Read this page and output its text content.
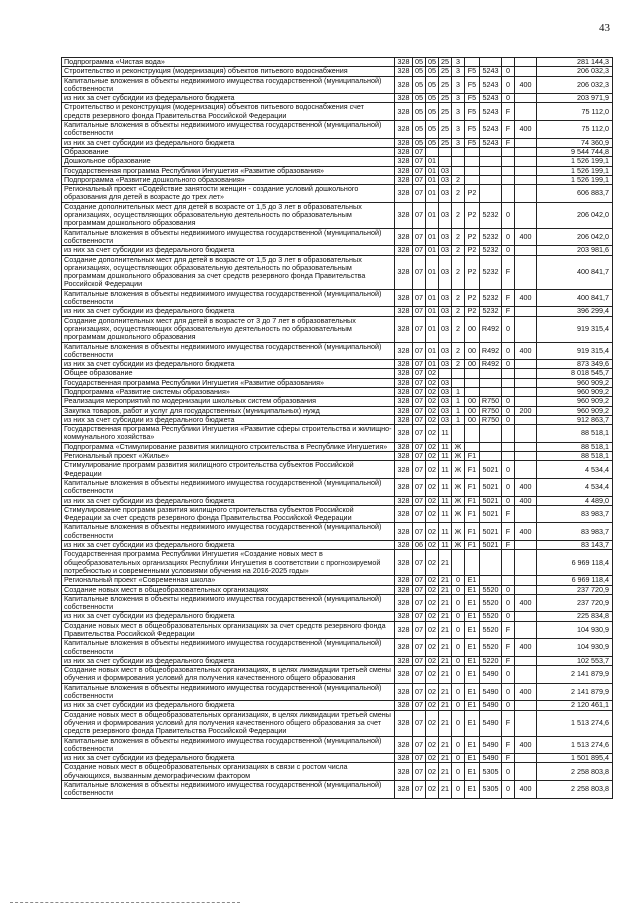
43
Подпрограмма «Чистая вода»	328	05	05	25	3					281 144,3
Строительство и реконструкция (модернизация) объектов питьевого водоснабжения	328	05	05	25	3	F5	5243	0		206 032,3
Капитальные вложения в объекты недвижимого имущества государственной (муниципальной) собственности	328	05	05	25	3	F5	5243	0	400	206 032,3
из них за счет субсидии из федерального бюджета	328	05	05	25	3	F5	5243	0		203 971,9
Строительство и реконструкция (модернизация) объектов питьевого водоснабжения счет средств резервного фонда Правительства Российской Федерации	328	05	05	25	3	F5	5243	F		75 112,0
Капитальные вложения в объекты недвижимого имущества государственной (муниципальной) собственности	328	05	05	25	3	F5	5243	F	400	75 112,0
из них за счет субсидии из федерального бюджета	328	05	05	25	3	F5	5243	F		74 360,9
Образование	328	07								9 544 744,8
Дошкольное образование	328	07	01							1 526 199,1
Государственная программа Республики Ингушетия «Развитие образования»	328	07	01	03						1 526 199,1
Подпрограмма «Развитие дошкольного образования»	328	07	01	03	2					1 526 199,1
Региональный проект «Содействие занятости женщин - создание условий дошкольного образования для детей в возрасте до трех лет»	328	07	01	03	2	P2				606 883,7
Создание дополнительных мест для детей в возрасте от 1,5 до 3 лет в образовательных организациях, осуществляющих образовательную деятельность по образовательным программам дошкольного образования	328	07	01	03	2	P2	5232	0		206 042,0
Капитальные вложения в объекты недвижимого имущества государственной (муниципальной) собственности	328	07	01	03	2	P2	5232	0	400	206 042,0
из них за счет субсидии из федерального бюджета	328	07	01	03	2	P2	5232	0		203 981,6
Создание дополнительных мест для детей в возрасте от 1,5 до 3 лет в образовательных организациях, осуществляющих образовательную деятельность по образовательным программам дошкольного образования за счет средств резервного фонда Правительства Российской Федерации	328	07	01	03	2	P2	5232	F		400 841,7
Капитальные вложения в объекты недвижимого имущества государственной (муниципальной) собственности	328	07	01	03	2	P2	5232	F	400	400 841,7
из них за счет субсидии из федерального бюджета	328	07	01	03	2	P2	5232	F		396 299,4
Создание дополнительных мест для детей в возрасте от 3 до 7 лет в образовательных организациях, осуществляющих образовательную деятельность по образовательным программам дошкольного образования	328	07	01	03	2	00	R492	0		919 315,4
Капитальные вложения в объекты недвижимого имущества государственной (муниципальной) собственности	328	07	01	03	2	00	R492	0	400	919 315,4
из них за счет субсидии из федерального бюджета	328	07	01	03	2	00	R492	0		873 349,6
Общее образование	328	07	02							8 018 545,7
Государственная программа Республики Ингушетия «Развитие образования»	328	07	02	03						960 909,2
Подпрограмма «Развитие системы образования»	328	07	02	03	1					960 909,2
Реализация мероприятий по модернизации школьных систем образования	328	07	02	03	1	00	R750	0		960 909,2
Закупка товаров, работ и услуг для государственных (муниципальных) нужд	328	07	02	03	1	00	R750	0	200	960 909,2
из них за счет субсидии из федерального бюджета	328	07	02	03	1	00	R750	0		912 863,7
Государственная программа Республики Ингушетия «Развитие сферы строительства и жилищно-коммунального хозяйства»	328	07	02	11						88 518,1
Подпрограмма «Стимулирование развития жилищного строительства в Республике Ингушетия»	328	07	02	11	Ж					88 518,1
Региональный проект «Жилье»	328	07	02	11	Ж	F1				88 518,1
Стимулирование программ развития жилищного строительства субъектов Российской Федерации	328	07	02	11	Ж	F1	5021	0		4 534,4
Капитальные вложения в объекты недвижимого имущества государственной (муниципальной) собственности	328	07	02	11	Ж	F1	5021	0	400	4 534,4
из них за счет субсидии из федерального бюджета	328	07	02	11	Ж	F1	5021	0	400	4 489,0
Стимулирование программ развития жилищного строительства субъектов Российской Федерации за счет средств резервного фонда Правительства Российской Федерации	328	07	02	11	Ж	F1	5021	F		83 983,7
Капитальные вложения в объекты недвижимого имущества государственной (муниципальной) собственности	328	07	02	11	Ж	F1	5021	F	400	83 983,7
из них за счет субсидии из федерального бюджета	328	06	02	11	Ж	F1	5021	F		83 143,7
Государственная программа Республики Ингушетия «Создание новых мест в общеобразовательных организациях Республики Ингушетия в соответствии с прогнозируемой потребностью и современными условиями обучения на 2016-2025 годы»	328	07	02	21						6 969 118,4
Региональный проект «Современная школа»	328	07	02	21	0	E1				6 969 118,4
Создание новых мест в общеобразовательных организациях	328	07	02	21	0	E1	5520	0		237 720,9
Капитальные вложения в объекты недвижимого имущества государственной (муниципальной) собственности	328	07	02	21	0	E1	5520	0	400	237 720,9
из них за счет субсидии из федерального бюджета	328	07	02	21	0	E1	5520	0		225 834,8
Создание новых мест в общеобразовательных организациях за счет средств резервного фонда Правительства Российской Федерации	328	07	02	21	0	E1	5520	F		104 930,9
Капитальные вложения в объекты недвижимого имущества государственной (муниципальной) собственности	328	07	02	21	0	E1	5520	F	400	104 930,9
из них за счет субсидии из федерального бюджета	328	07	02	21	0	E1	5220	F		102 553,7
Создание новых мест в общеобразовательных организациях, в целях ликвидации третьей смены обучения и формирования условий для получения качественного общего образования	328	07	02	21	0	E1	5490	0		2 141 879,9
Капитальные вложения в объекты недвижимого имущества государственной (муниципальной) собственности	328	07	02	21	0	E1	5490	0	400	2 141 879,9
из них за счет субсидии из федерального бюджета	328	07	02	21	0	E1	5490	0		2 120 461,1
Создание новых мест в общеобразовательных организациях, в целях ликвидации третьей смены обучения и формирования условий для получения качественного общего образования за счет средств резервного фонда Правительства Российской Федерации	328	07	02	21	0	E1	5490	F		1 513 274,6
Капитальные вложения в объекты недвижимого имущества государственной (муниципальной) собственности	328	07	02	21	0	E1	5490	F	400	1 513 274,6
из них за счет субсидии из федерального бюджета	328	07	02	21	0	E1	5490	F		1 501 895,4
Создание новых мест в общеобразовательных организациях в связи с ростом числа обучающихся, вызванным демографическим фактором	328	07	02	21	0	E1	5305	0		2 258 803,8
Капитальные вложения в объекты недвижимого имущества государственной (муниципальной) собственности	328	07	02	21	0	E1	5305	0	400	2 258 803,8
